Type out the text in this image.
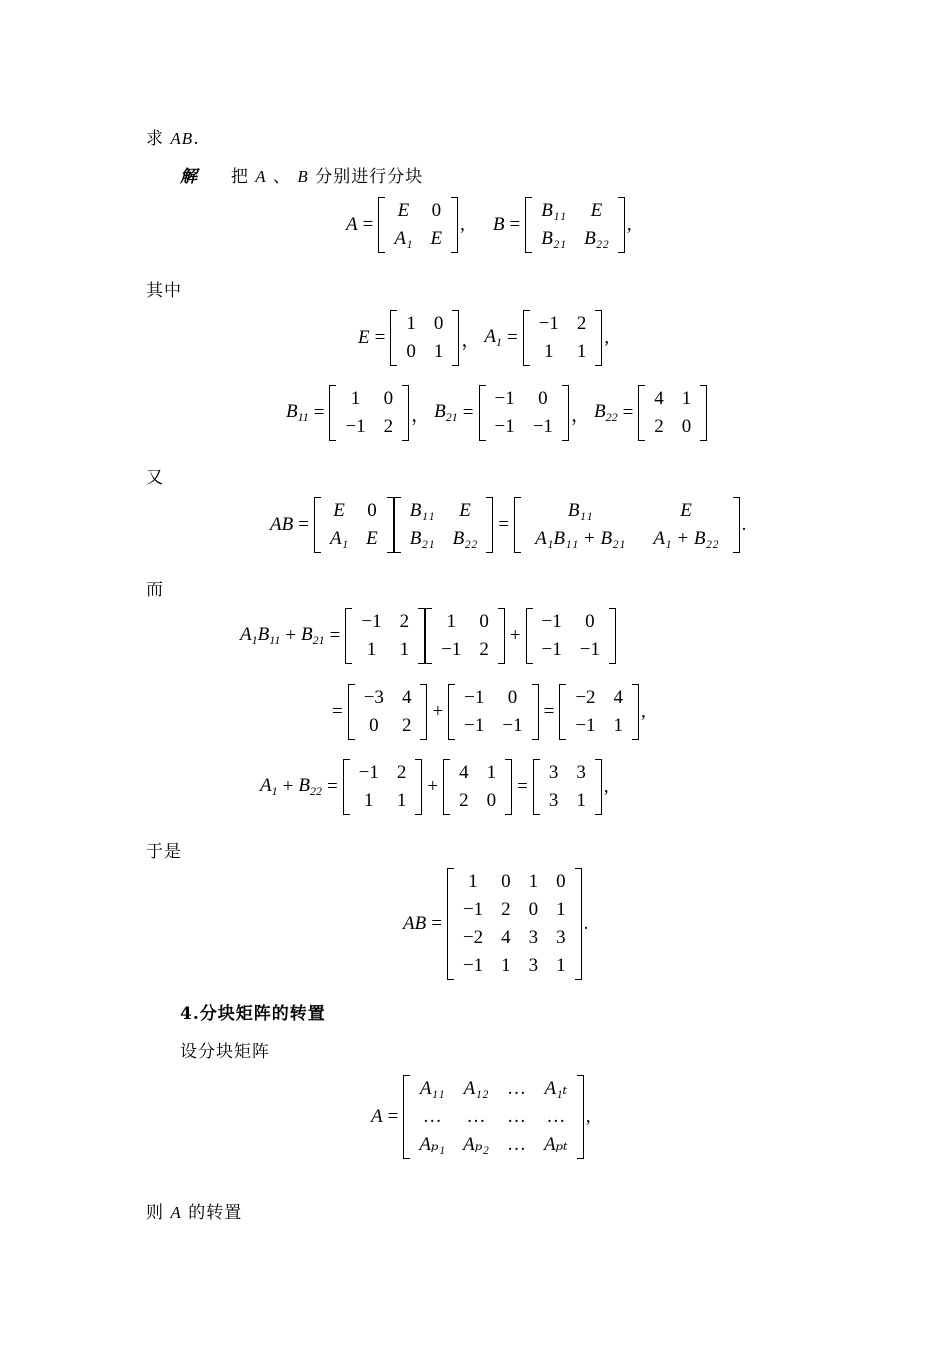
求 AB.
解 把 A 、 B 分别进行分块
A =
E	0
A₁	E
, B =
B₁₁	E
B₂₁	B₂₂
,
其中
E =
1	0
0	1
， $A_1$ =
−1	2
1	1
,
$B_{11}$ =
1	0
−1	2
， $B_{21}$ =
−1	0
−1	−1
， $B_{22}$ =
4	1
2	0
又
AB =
E	0
A₁	E
B₁₁	E
B₂₁	B₂₂
=
B₁₁	E
A₁B₁₁ + B₂₁	A₁ + B₂₂
.
而
$A_1B_{11} + B_{21}$ =
−1	2
1	1
1	0
−1	2
+
−1	0
−1	−1
=
−3	4
0	2
+
−1	0
−1	−1
=
−2	4
−1	1
,
$A_1 + B_{22}$ =
−1	2
1	1
+
4	1
2	0
=
3	3
3	1
,
于是
AB =
1	0	1	0
−1	2	0	1
−2	4	3	3
−1	1	3	1
.
4.分块矩阵的转置
设分块矩阵
A =
A₁₁	A₁₂	…	A₁ₜ
…	…	…	…
Aₚ₁	Aₚ₂	…	Aₚₜ
,
则 A 的转置
